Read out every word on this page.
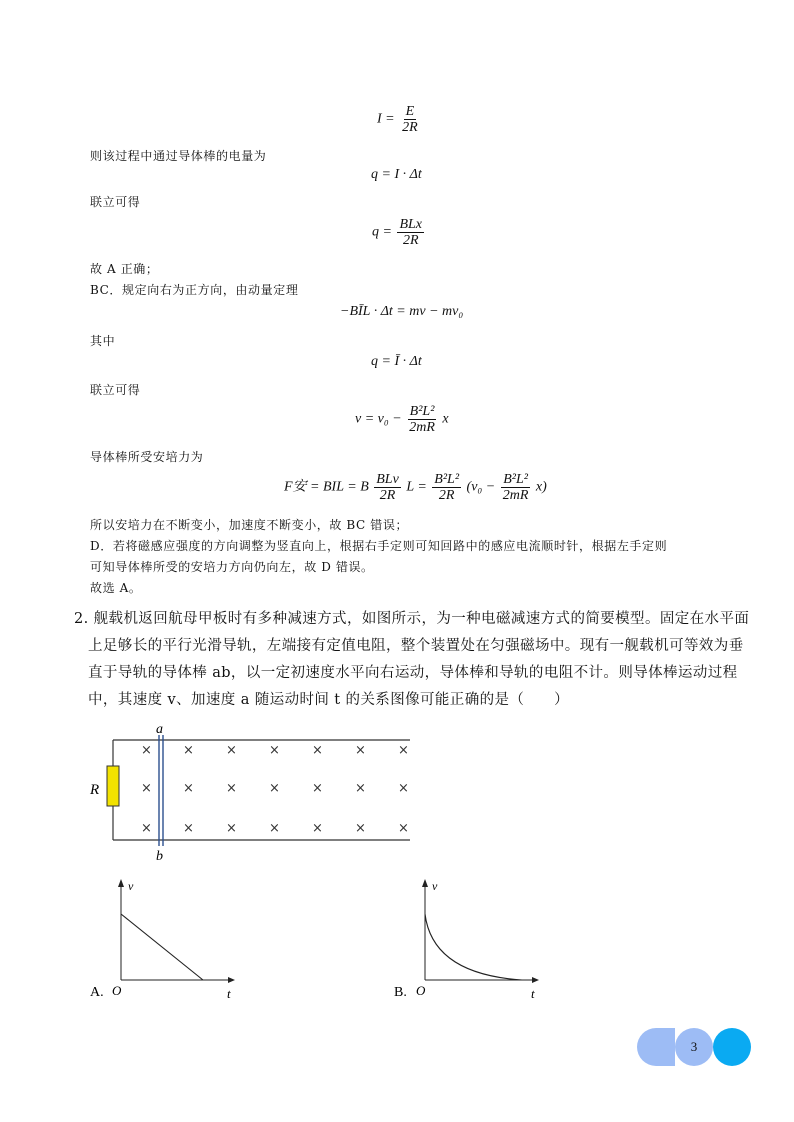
$I = \frac{E}{2R}$
则该过程中通过导体棒的电量为
q = I · Δt
联立可得
$q = \frac{\text{BLx}}{2R}$
故 A 正确；
BC．规定向右为正方向，由动量定理
−BĪL · Δt = mv − mv₀
其中
q = Ī · Δt
联立可得
$v = v_0 - \frac{\text{B²L²}}{2mR}$ x
导体棒所受安培力为
F安 = BIL = B $\frac{\text{BLv}}{2R}$ $L = \frac{\text{B²L²}}{2R} (v_0 - \frac{\text{B²L²}}{2mR} x)$
所以安培力在不断变小，加速度不断变小，故 BC 错误；
D．若将磁感应强度的方向调整为竖直向上，根据右手定则可知回路中的感应电流顺时针，根据左手定则
可知导体棒所受的安培力方向仍向左，故 D 错误。
故选 A。
2. 舰载机返回航母甲板时有多种减速方式，如图所示，为一种电磁减速方式的简要模型。固定在水平面
上足够长的平行光滑导轨，左端接有定值电阻，整个装置处在匀强磁场中。现有一舰载机可等效为垂
直于导轨的导体棒 ab，以一定初速度水平向右运动，导体棒和导轨的电阻不计。则导体棒运动过程
中，其速度 v、加速度 a 随运动时间 t 的关系图像可能正确的是（　　）
a
b
R
× × × × × × ×
× × × × × × ×
× × × × × × ×
v
t
O
A.
v
t
O
B.
3
